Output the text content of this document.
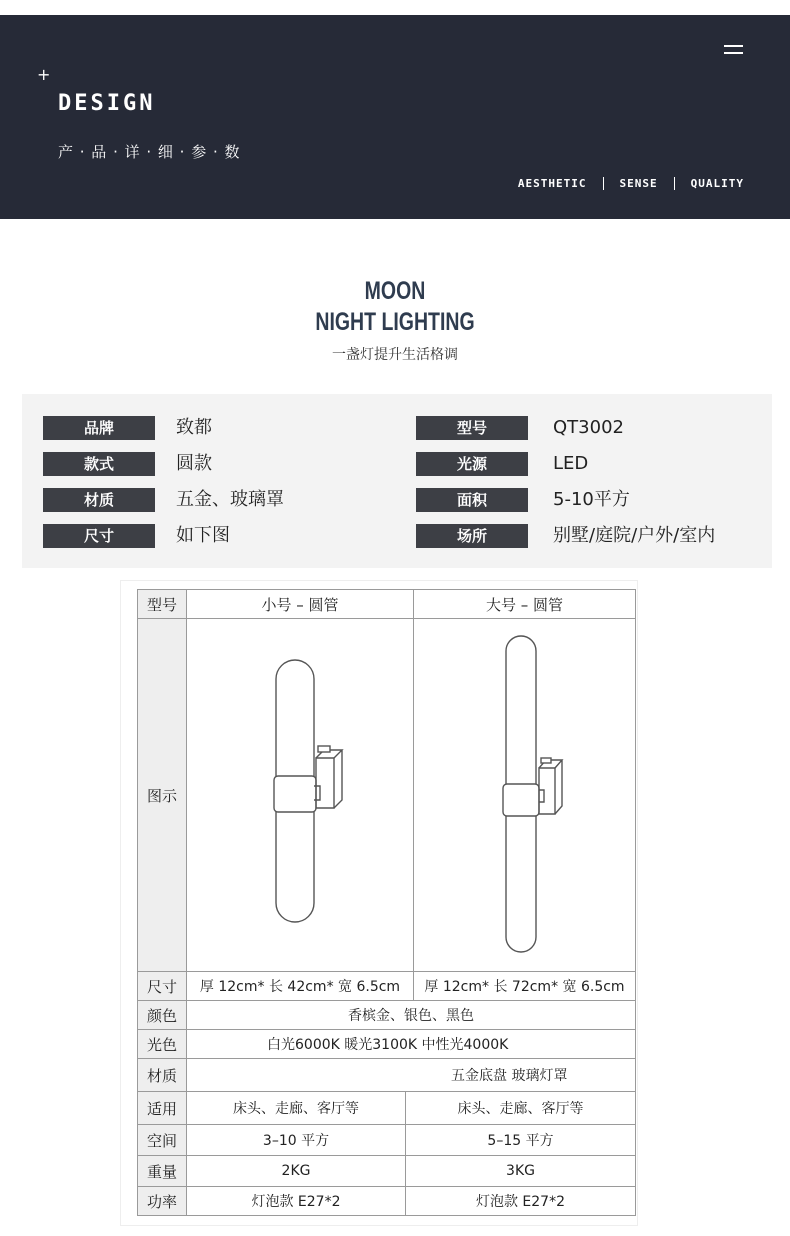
+
DESIGN
产 · 品 · 详 · 细 · 参 · 数
AESTHETIC	SENSE	QUALITY
MOON
NIGHT LIGHTING
一盏灯提升生活格调
品牌	致都	型号	QT3002
款式	圆款	光源	LED
材质	五金、玻璃罩	面积	5-10平方
尺寸	如下图	场所	别墅/庭院/户外/室内
型号	小号 – 圆管	大号 – 圆管
图示
尺寸	厚 12cm* 长 42cm* 宽 6.5cm	厚 12cm* 长 72cm* 宽 6.5cm
颜色	香槟金、银色、黑色
光色	白光6000K 暖光3100K 中性光4000K
材质	五金底盘 玻璃灯罩
适用	床头、走廊、客厅等	床头、走廊、客厅等
空间	3–10 平方	5–15 平方
重量	2KG	3KG
功率	灯泡款 E27*2	灯泡款 E27*2
